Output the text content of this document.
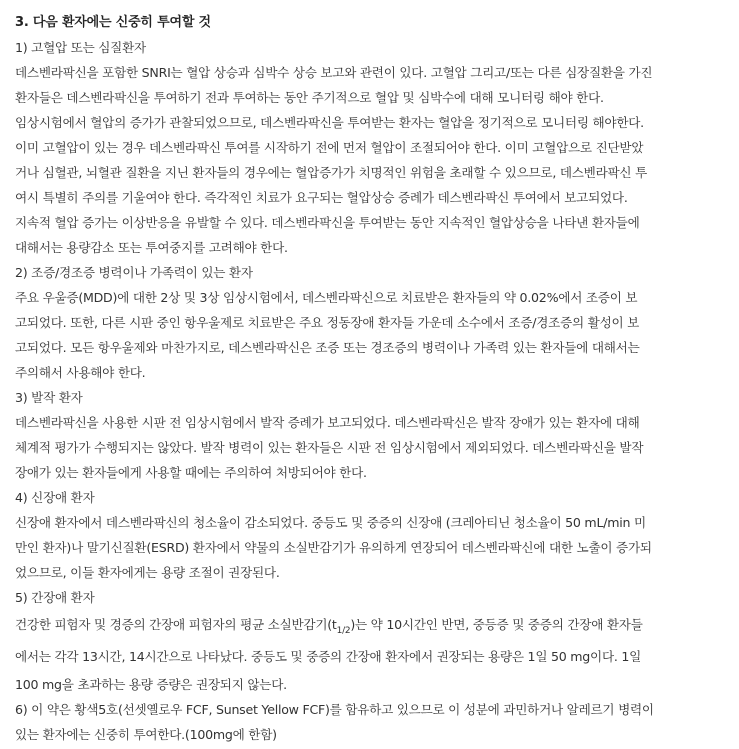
3. 다음 환자에는 신중히 투여할 것
1) 고혈압 또는 심질환자
데스벤라팍신을 포함한 SNRI는 혈압 상승과 심박수 상승 보고와 관련이 있다. 고혈압 그리고/또는 다른 심장질환을 가진
환자들은 데스벤라팍신을 투여하기 전과 투여하는 동안 주기적으로 혈압 및 심박수에 대해 모니터링 해야 한다.
임상시험에서 혈압의 증가가 관찰되었으므로, 데스벤라팍신을 투여받는 환자는 혈압을 정기적으로 모니터링 해야한다.
이미 고혈압이 있는 경우 데스벤라팍신 투여를 시작하기 전에 먼저 혈압이 조절되어야 한다. 이미 고혈압으로 진단받았
거나 심혈관, 뇌혈관 질환을 지닌 환자들의 경우에는 혈압증가가 치명적인 위험을 초래할 수 있으므로, 데스벤라팍신 투
여시 특별히 주의를 기울여야 한다. 즉각적인 치료가 요구되는 혈압상승 증례가 데스벤라팍신 투여에서 보고되었다.
지속적 혈압 증가는 이상반응을 유발할 수 있다. 데스벤라팍신을 투여받는 동안 지속적인 혈압상승을 나타낸 환자들에
대해서는 용량감소 또는 투여중지를 고려해야 한다.
2) 조증/경조증 병력이나 가족력이 있는 환자
주요 우울증(MDD)에 대한 2상 및 3상 임상시험에서, 데스벤라팍신으로 치료받은 환자들의 약 0.02%에서 조증이 보
고되었다. 또한, 다른 시판 중인 항우울제로 치료받은 주요 정동장애 환자들 가운데 소수에서 조증/경조증의 활성이 보
고되었다. 모든 항우울제와 마찬가지로, 데스벤라팍신은 조증 또는 경조증의 병력이나 가족력 있는 환자들에 대해서는
주의해서 사용해야 한다.
3) 발작 환자
데스벤라팍신을 사용한 시판 전 임상시험에서 발작 증례가 보고되었다. 데스벤라팍신은 발작 장애가 있는 환자에 대해
체계적 평가가 수행되지는 않았다. 발작 병력이 있는 환자들은 시판 전 임상시험에서 제외되었다. 데스벤라팍신을 발작
장애가 있는 환자들에게 사용할 때에는 주의하여 처방되어야 한다.
4) 신장애 환자
신장애 환자에서 데스벤라팍신의 청소율이 감소되었다. 중등도 및 중증의 신장애 (크레아티닌 청소율이 50 mL/min 미
만인 환자)나 말기신질환(ESRD) 환자에서 약물의 소실반감기가 유의하게 연장되어 데스벤라팍신에 대한 노출이 증가되
었으므로, 이들 환자에게는 용량 조절이 권장된다.
5) 간장애 환자
건강한 피험자 및 경증의 간장애 피험자의 평균 소실반감기$(t_{1/2})$는 약 10시간인 반면, 중등증 및 중증의 간장애 환자들
에서는 각각 13시간, 14시간으로 나타났다. 중등도 및 중증의 간장애 환자에서 권장되는 용량은 1일 50 mg이다. 1일
100 mg을 초과하는 용량 증량은 권장되지 않는다.
6) 이 약은 황색5호(선셋옐로우 FCF, Sunset Yellow FCF)를 함유하고 있으므로 이 성분에 과민하거나 알레르기 병력이
있는 환자에는 신중히 투여한다.(100mg에 한함)
